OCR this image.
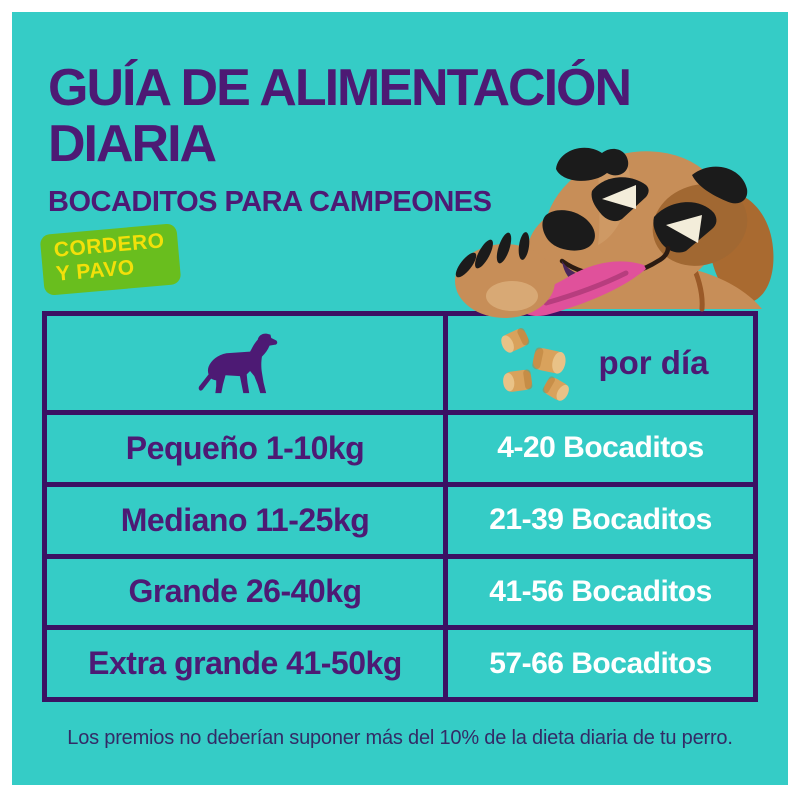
GUÍA DE ALIMENTACIÓN
DIARIA
BOCADITOS PARA CAMPEONES
CORDERO
Y PAVO
por día
Pequeño 1-10kg	4-20 Bocaditos
Mediano 11-25kg	21-39 Bocaditos
Grande 26-40kg	41-56 Bocaditos
Extra grande 41-50kg	57-66 Bocaditos
Los premios no deberían suponer más del 10% de la dieta diaria de tu perro.
